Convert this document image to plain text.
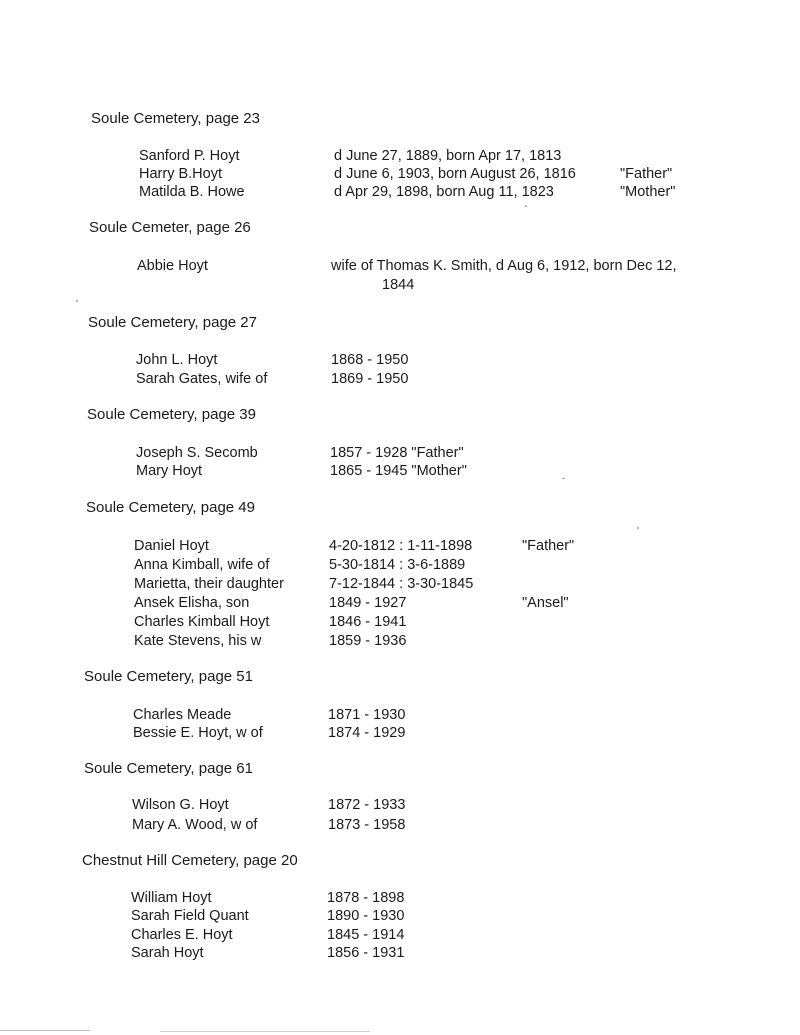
Soule Cemetery, page 23
Sanford P. Hoyt	d June 27, 1889, born Apr 17, 1813
Harry B.Hoyt	d June 6, 1903, born August 26, 1816	"Father"
Matilda B. Howe	d Apr 29, 1898, born Aug 11, 1823	"Mother"
Soule Cemeter, page 26
Abbie Hoyt	wife of Thomas K. Smith, d Aug 6, 1912, born Dec 12,
1844
Soule Cemetery, page 27
John L. Hoyt	1868 - 1950
Sarah Gates, wife of	1869 - 1950
Soule Cemetery, page 39
Joseph S. Secomb	1857 - 1928 "Father"
Mary Hoyt	1865 - 1945 "Mother"
Soule Cemetery, page 49
Daniel Hoyt	4-20-1812 : 1-11-1898	"Father"
Anna Kimball, wife of	5-30-1814 : 3-6-1889
Marietta, their daughter	7-12-1844 : 3-30-1845
Ansek Elisha, son	1849 - 1927	"Ansel"
Charles Kimball Hoyt	1846 - 1941
Kate Stevens, his w	1859 - 1936
Soule Cemetery, page 51
Charles Meade	1871 - 1930
Bessie E. Hoyt, w of	1874 - 1929
Soule Cemetery, page 61
Wilson G. Hoyt	1872 - 1933
Mary A. Wood, w of	1873 - 1958
Chestnut Hill Cemetery, page 20
William Hoyt	1878 - 1898
Sarah Field Quant	1890 - 1930
Charles E. Hoyt	1845 - 1914
Sarah Hoyt	1856 - 1931
